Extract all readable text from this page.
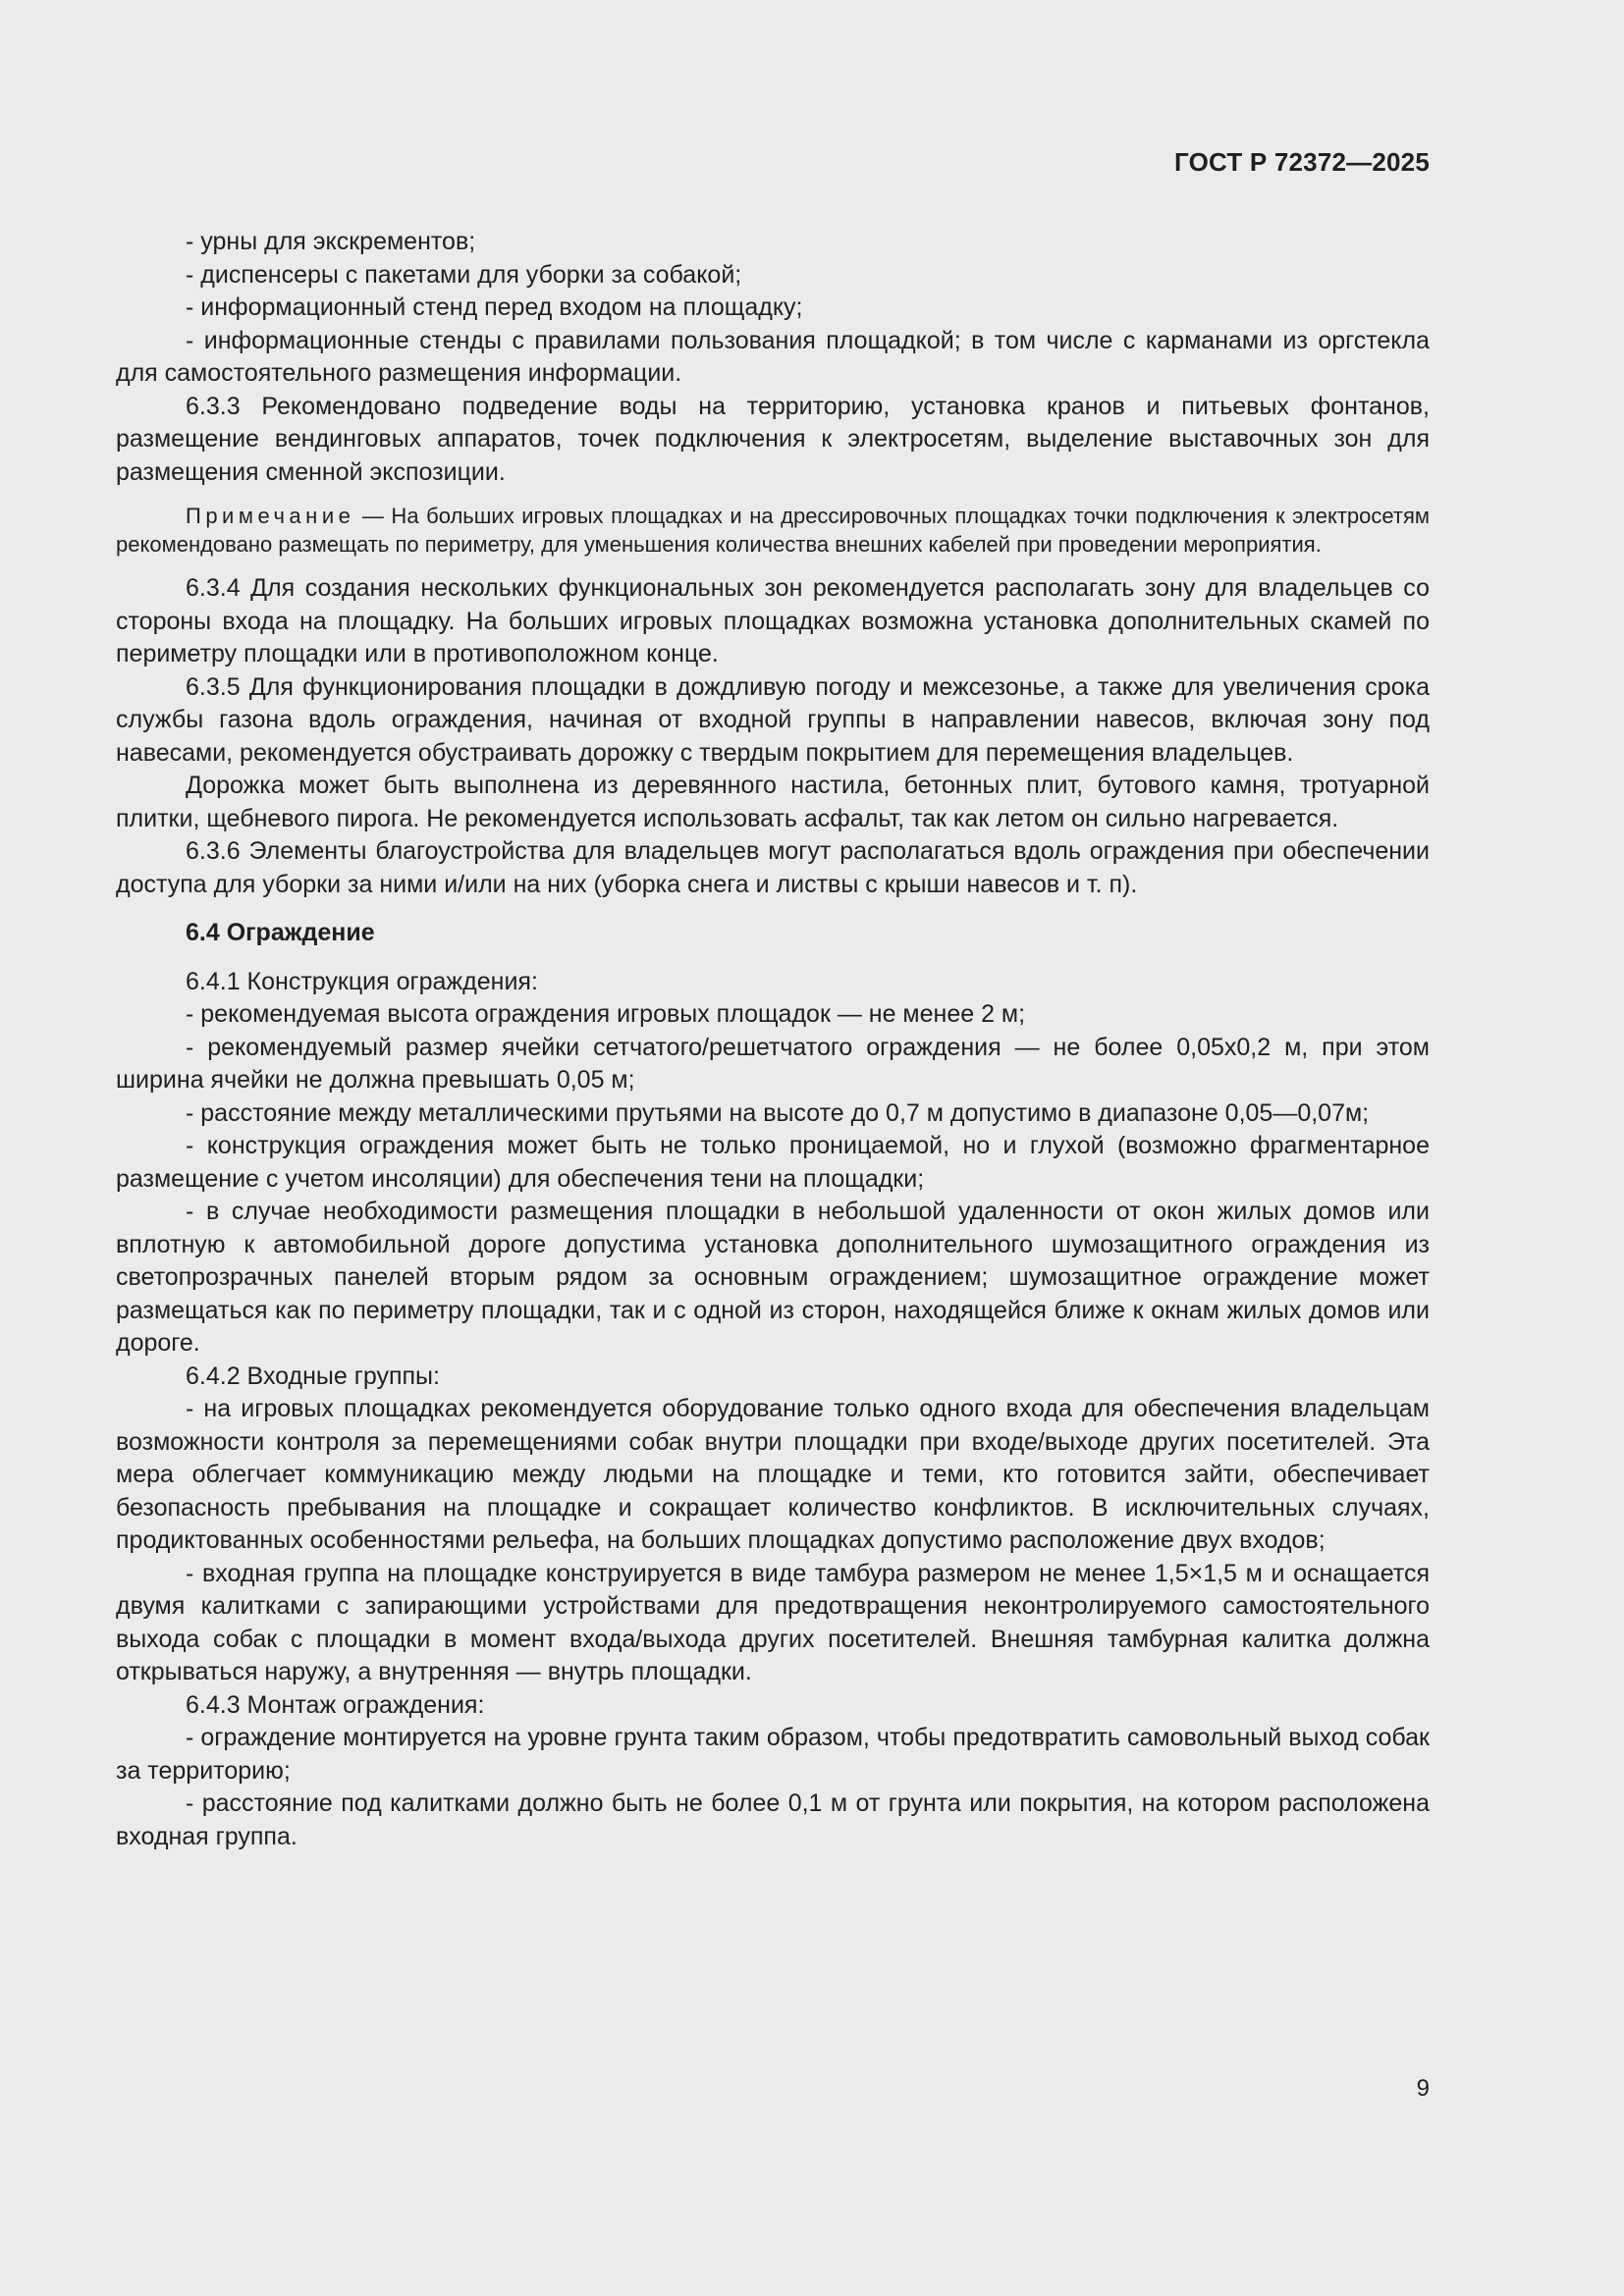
ГОСТ Р 72372—2025

- урны для экскрементов;

- диспенсеры с пакетами для уборки за собакой;

- информационный стенд перед входом на площадку;

- информационные стенды с правилами пользования площадкой; в том числе с карманами из оргстекла для самостоятельного размещения информации.

6.3.3 Рекомендовано подведение воды на территорию, установка кранов и питьевых фонтанов, размещение вендинговых аппаратов, точек подключения к электросетям, выделение выставочных зон для размещения сменной экспозиции.

Примечание — На больших игровых площадках и на дрессировочных площадках точки подключения к электросетям рекомендовано размещать по периметру, для уменьшения количества внешних кабелей при проведении мероприятия.

6.3.4 Для создания нескольких функциональных зон рекомендуется располагать зону для владельцев со стороны входа на площадку. На больших игровых площадках возможна установка дополнительных скамей по периметру площадки или в противоположном конце.

6.3.5 Для функционирования площадки в дождливую погоду и межсезонье, а также для увеличения срока службы газона вдоль ограждения, начиная от входной группы в направлении навесов, включая зону под навесами, рекомендуется обустраивать дорожку с твердым покрытием для перемещения владельцев.

Дорожка может быть выполнена из деревянного настила, бетонных плит, бутового камня, тротуарной плитки, щебневого пирога. Не рекомендуется использовать асфальт, так как летом он сильно нагревается.

6.3.6 Элементы благоустройства для владельцев могут располагаться вдоль ограждения при обеспечении доступа для уборки за ними и/или на них (уборка снега и листвы с крыши навесов и т. п).

6.4 Ограждение

6.4.1 Конструкция ограждения:

- рекомендуемая высота ограждения игровых площадок — не менее 2 м;

- рекомендуемый размер ячейки сетчатого/решетчатого ограждения — не более 0,05х0,2 м, при этом ширина ячейки не должна превышать 0,05 м;

- расстояние между металлическими прутьями на высоте до 0,7 м допустимо в диапазоне 0,05—0,07м;

- конструкция ограждения может быть не только проницаемой, но и глухой (возможно фрагментарное размещение с учетом инсоляции) для обеспечения тени на площадки;

- в случае необходимости размещения площадки в небольшой удаленности от окон жилых домов или вплотную к автомобильной дороге допустима установка дополнительного шумозащитного ограждения из светопрозрачных панелей вторым рядом за основным ограждением; шумозащитное ограждение может размещаться как по периметру площадки, так и с одной из сторон, находящейся ближе к окнам жилых домов или дороге.

6.4.2 Входные группы:

- на игровых площадках рекомендуется оборудование только одного входа для обеспечения владельцам возможности контроля за перемещениями собак внутри площадки при входе/выходе других посетителей. Эта мера облегчает коммуникацию между людьми на площадке и теми, кто готовится зайти, обеспечивает безопасность пребывания на площадке и сокращает количество конфликтов. В исключительных случаях, продиктованных особенностями рельефа, на больших площадках допустимо расположение двух входов;

- входная группа на площадке конструируется в виде тамбура размером не менее 1,5×1,5 м и оснащается двумя калитками с запирающими устройствами для предотвращения неконтролируемого самостоятельного выхода собак с площадки в момент входа/выхода других посетителей. Внешняя тамбурная калитка должна открываться наружу, а внутренняя — внутрь площадки.

6.4.3 Монтаж ограждения:

- ограждение монтируется на уровне грунта таким образом, чтобы предотвратить самовольный выход собак за территорию;

- расстояние под калитками должно быть не более 0,1 м от грунта или покрытия, на котором расположена входная группа.

9
